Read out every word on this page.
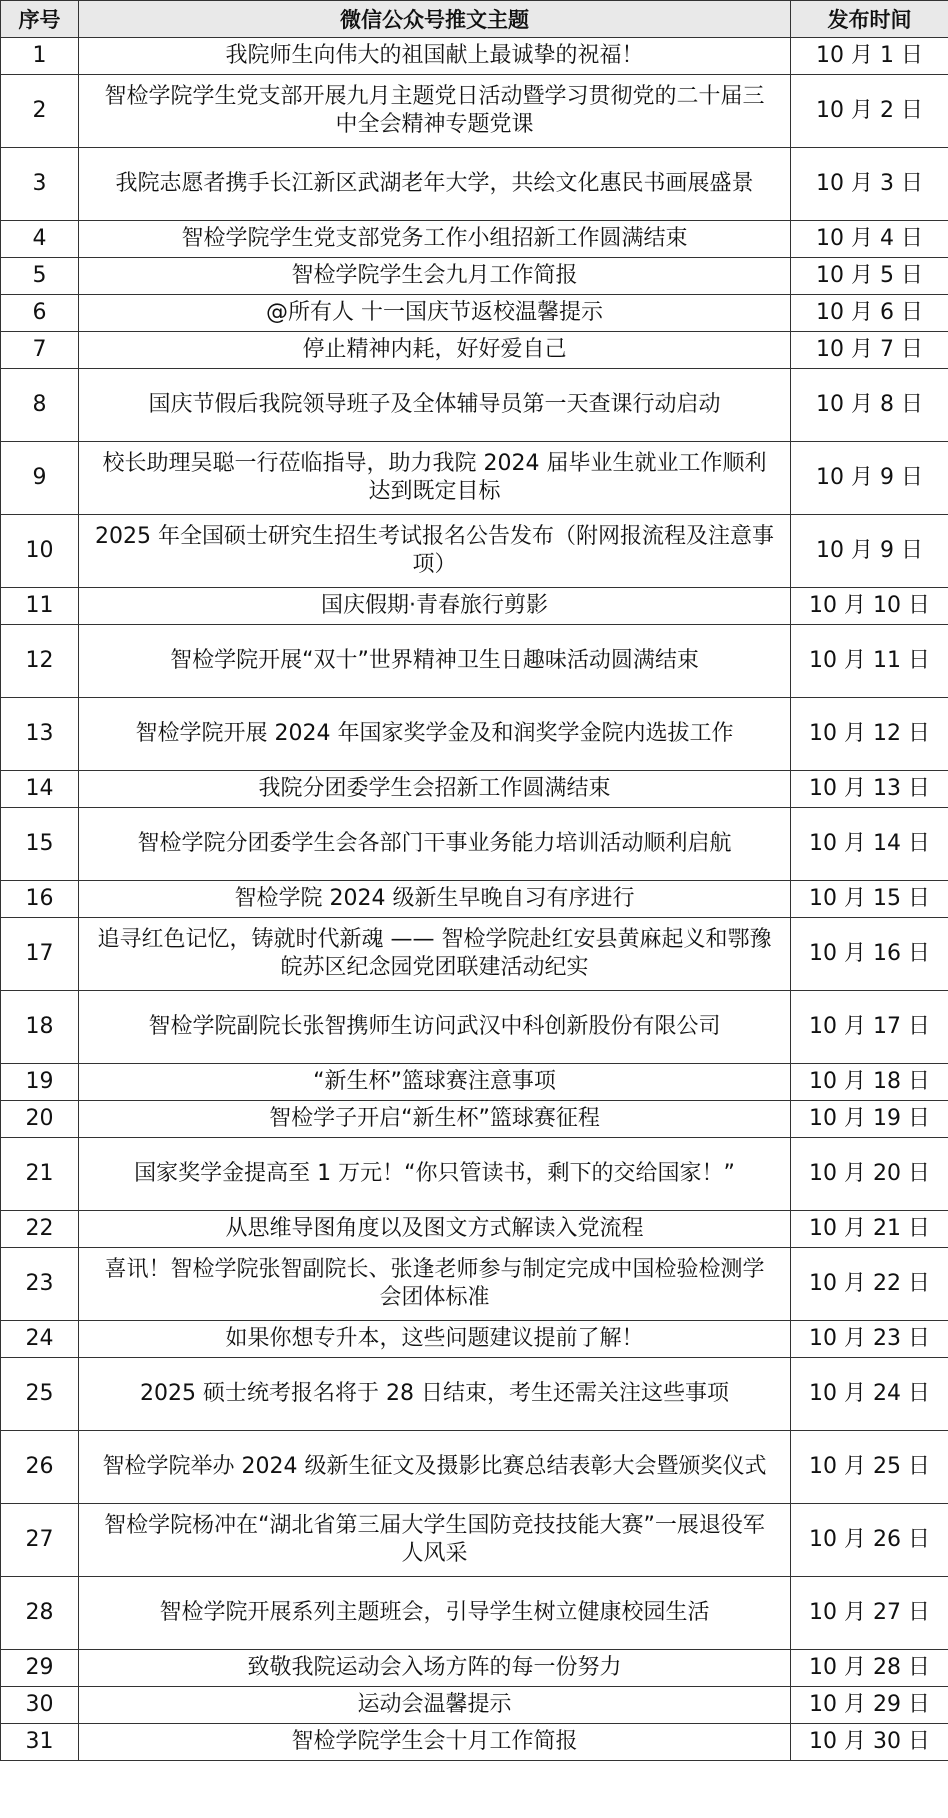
序号	微信公众号推文主题	发布时间
1	我院师生向伟大的祖国献上最诚挚的祝福！	10 月 1 日
2	智检学院学生党支部开展九月主题党日活动暨学习贯彻党的二十届三中全会精神专题党课	10 月 2 日
3	我院志愿者携手长江新区武湖老年大学，共绘文化惠民书画展盛景	10 月 3 日
4	智检学院学生党支部党务工作小组招新工作圆满结束	10 月 4 日
5	智检学院学生会九月工作简报	10 月 5 日
6	@所有人 十一国庆节返校温馨提示	10 月 6 日
7	停止精神内耗，好好爱自己	10 月 7 日
8	国庆节假后我院领导班子及全体辅导员第一天查课行动启动	10 月 8 日
9	校长助理吴聪一行莅临指导，助力我院 2024 届毕业生就业工作顺利达到既定目标	10 月 9 日
10	2025 年全国硕士研究生招生考试报名公告发布（附网报流程及注意事项）	10 月 9 日
11	国庆假期·青春旅行剪影	10 月 10 日
12	智检学院开展“双十”世界精神卫生日趣味活动圆满结束	10 月 11 日
13	智检学院开展 2024 年国家奖学金及和润奖学金院内选拔工作	10 月 12 日
14	我院分团委学生会招新工作圆满结束	10 月 13 日
15	智检学院分团委学生会各部门干事业务能力培训活动顺利启航	10 月 14 日
16	智检学院 2024 级新生早晚自习有序进行	10 月 15 日
17	追寻红色记忆，铸就时代新魂 —— 智检学院赴红安县黄麻起义和鄂豫皖苏区纪念园党团联建活动纪实	10 月 16 日
18	智检学院副院长张智携师生访问武汉中科创新股份有限公司	10 月 17 日
19	“新生杯”篮球赛注意事项	10 月 18 日
20	智检学子开启“新生杯”篮球赛征程	10 月 19 日
21	国家奖学金提高至 1 万元！“你只管读书，剩下的交给国家！”	10 月 20 日
22	从思维导图角度以及图文方式解读入党流程	10 月 21 日
23	喜讯！智检学院张智副院长、张逢老师参与制定完成中国检验检测学会团体标准	10 月 22 日
24	如果你想专升本，这些问题建议提前了解！	10 月 23 日
25	2025 硕士统考报名将于 28 日结束，考生还需关注这些事项	10 月 24 日
26	智检学院举办 2024 级新生征文及摄影比赛总结表彰大会暨颁奖仪式	10 月 25 日
27	智检学院杨冲在“湖北省第三届大学生国防竞技技能大赛”一展退役军人风采	10 月 26 日
28	智检学院开展系列主题班会，引导学生树立健康校园生活	10 月 27 日
29	致敬我院运动会入场方阵的每一份努力	10 月 28 日
30	运动会温馨提示	10 月 29 日
31	智检学院学生会十月工作简报	10 月 30 日
